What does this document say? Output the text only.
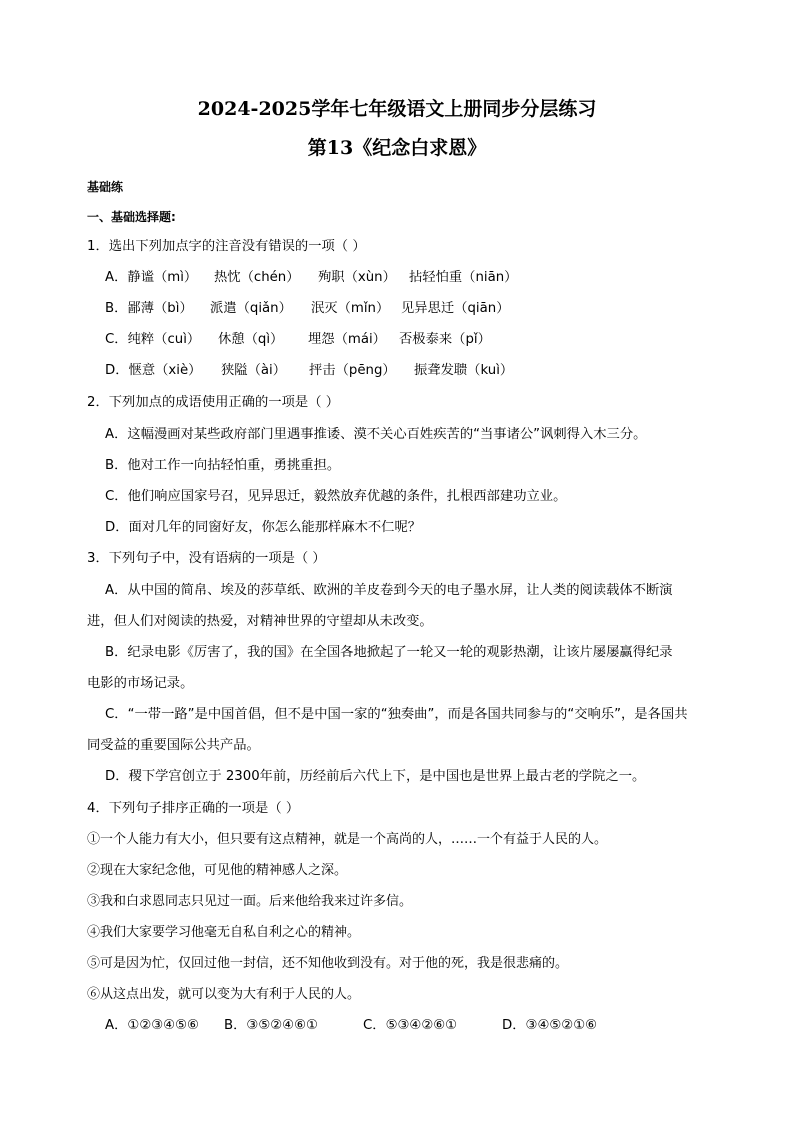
2024-2025学年七年级语文上册同步分层练习
第13《纪念白求恩》
基础练
一、基础选择题:
1．选出下列加点字的注音没有错误的一项（ ）
A．静谧（mì） 热忱（chén） 殉职（xùn） 拈轻怕重（niān）
B．鄙薄（bì） 派遣（qiǎn） 泯灭（mǐn） 见异思迁（qiān）
C．纯粹（cuì） 休憩（qì） 埋怨（mái） 否极泰来（pǐ）
D．惬意（xiè） 狭隘（ài） 抨击（pēng） 振聋发聩（kuì）
2．下列加点的成语使用正确的一项是（ ）
A．这幅漫画对某些政府部门里遇事推诿、漠不关心百姓疾苦的“当事诸公”讽刺得入木三分。
B．他对工作一向拈轻怕重，勇挑重担。
C．他们响应国家号召，见异思迁，毅然放弃优越的条件，扎根西部建功立业。
D．面对几年的同窗好友，你怎么能那样麻木不仁呢？
3．下列句子中，没有语病的一项是（ ）
A．从中国的简帛、埃及的莎草纸、欧洲的羊皮卷到今天的电子墨水屏，让人类的阅读载体不断演
进，但人们对阅读的热爱，对精神世界的守望却从未改变。
B．纪录电影《厉害了，我的国》在全国各地掀起了一轮又一轮的观影热潮，让该片屡屡赢得纪录
电影的市场记录。
C．“一带一路”是中国首倡，但不是中国一家的“独奏曲”，而是各国共同参与的“交响乐”，是各国共
同受益的重要国际公共产品。
D．稷下学宫创立于 2300年前，历经前后六代上下，是中国也是世界上最古老的学院之一。
4．下列句子排序正确的一项是（ ）
①一个人能力有大小，但只要有这点精神，就是一个高尚的人，……一个有益于人民的人。
②现在大家纪念他，可见他的精神感人之深。
③我和白求恩同志只见过一面。后来他给我来过许多信。
④我们大家要学习他毫无自私自利之心的精神。
⑤可是因为忙，仅回过他一封信，还不知他收到没有。对于他的死，我是很悲痛的。
⑥从这点出发，就可以变为大有利于人民的人。
A．①②③④⑤⑥ B．③⑤②④⑥①	C．⑤③④②⑥①	D．③④⑤②①⑥
